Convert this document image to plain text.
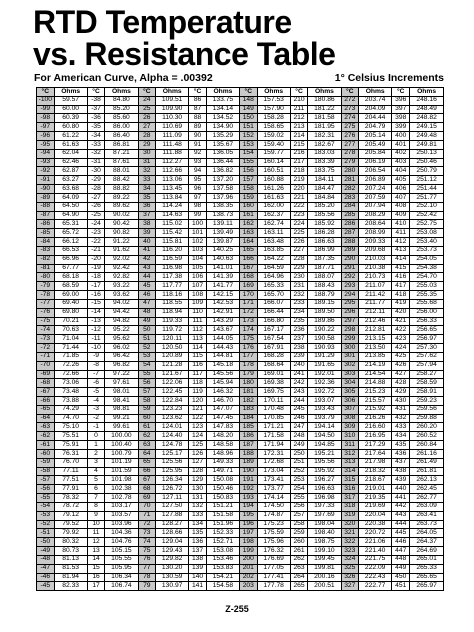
RTD Temperature
vs. Resistance Table
For American Curve, Alpha = .00392	1° Celsius Increments
°C	Ohms
-100	59.57
-99	60.00
-98	60.39
-97	60.80
-96	61.22
-95	61.63
-94	62.04
-93	62.46
-92	62.87
-91	63.27
-90	63.68
-89	64.09
-88	64.50
-87	64.90
-86	65.31
-85	65.72
-84	66.12
-83	66.53
-82	66.96
-81	67.77
-80	68.18
-79	68.59
-78	69.00
-77	69.40
-76	69.80
-75	70.21
-74	70.63
-73	71.04
-72	71.44
-71	71.85
-70	72.26
-69	72.66
-68	73.06
-67	73.48
-66	73.88
-65	74.29
-64	74.70
-63	75.10
-62	75.51
-61	75.91
-60	76.31
-59	76.70
-58	77.11
-57	77.51
-56	77.91
-55	78.32
-54	78.72
-53	79.12
-52	79.52
-51	79.92
-50	80.32
-49	80.73
-48	81.13
-47	81.53
-46	81.94
-45	82.33
°C	Ohms
-38	84.80
-37	85.20
-36	85.60
-35	86.00
-34	86.40
-33	86.81
-32	87.21
-31	87.61
-30	88.01
-29	88.42
-28	88.82
-27	89.22
-26	89.62
-25	90.02
-24	90.42
-23	90.82
-22	91.22
-21	91.62
-20	92.02
-19	92.42
-18	92.82
-17	93.22
-16	93.62
-15	94.02
-14	94.42
-13	94.82
-12	95.22
-11	95.62
-10	96.02
-9	96.42
-8	96.82
-7	97.22
-6	97.61
-5	98.01
-4	98.41
-3	98.81
-2	99.21
-1	99.61
0	100.00
1	100.40
2	100.79
3	101.19
4	101.59
5	101.98
6	102.38
7	102.78
8	103.17
9	103.57
10	103.96
11	104.36
12	104.76
13	105.15
14	105.55
15	105.95
16	106.34
17	106.74
°C	Ohms
24	109.51
25	109.90
26	110.30
27	110.69
28	111.09
29	111.48
30	111.88
31	112.27
32	112.66
33	113.06
34	113.45
35	113.84
36	114.24
37	114.63
38	115.02
39	115.42
40	115.81
41	116.20
42	116.59
43	116.98
44	117.38
45	117.77
46	118.16
47	118.55
48	118.94
49	119.33
50	119.72
51	120.11
52	120.50
53	120.89
54	121.28
55	121.67
56	122.06
57	122.45
58	122.84
59	123.23
60	123.62
61	124.01
62	124.40
63	124.78
64	125.17
65	125.56
66	125.95
67	126.34
68	126.72
69	127.11
70	127.50
71	127.88
72	128.27
73	128.66
74	129.04
75	129.43
76	129.82
77	130.20
78	130.59
79	130.97
°C	Ohms
86	133.75
87	134.14
88	134.52
89	134.90
90	135.29
91	135.67
92	136.05
93	136.44
94	136.82
95	137.20
96	137.58
97	137.96
98	138.35
99	138.73
100	139.11
101	139.49
102	139.87
103	140.25
104	140.63
105	141.01
106	141.39
107	141.77
108	142.15
109	142.53
110	142.91
111	143.29
112	143.67
113	144.05
114	144.43
115	144.81
116	145.18
117	145.56
118	145.94
119	146.32
120	146.70
121	147.07
122	147.45
123	147.83
124	148.20
125	148.58
126	148.96
127	149.33
128	149.71
129	150.08
130	150.46
131	150.83
132	151.21
133	151.58
134	151.96
135	152.33
136	152.71
137	153.08
138	153.46
139	153.83
140	154.21
141	154.58
°C	Ohms
148	157.53
149	157.90
150	158.28
151	158.65
152	159.02
153	159.40
154	159.77
155	160.14
156	160.51
157	160.88
158	161.26
159	161.63
160	162.00
161	162.37
162	162.74
163	163.11
164	163.48
165	163.85
166	164.22
167	164.59
168	164.96
169	165.33
170	165.70
171	166.07
172	166.44
173	166.80
174	167.17
175	167.54
176	167.91
177	168.28
178	168.64
179	169.01
180	169.38
181	169.75
182	170.11
183	170.48
184	170.85
185	171.21
186	171.58
187	171.94
188	172.31
189	172.68
190	173.04
191	173.41
192	173.77
193	174.14
194	174.50
195	174.87
196	175.23
197	175.59
198	175.96
199	176.32
200	176.69
201	177.05
202	177.41
203	177.78
°C	Ohms
210	180.86
211	181.22
212	181.58
213	181.95
214	182.31
215	182.67
216	183.03
217	183.39
218	183.75
219	184.11
220	184.47
221	184.84
222	185.20
223	185.56
224	185.92
225	186.28
226	186.63
227	186.99
228	187.35
229	187.71
230	188.07
231	188.43
232	188.79
233	189.15
234	189.50
235	189.86
236	190.22
237	190.58
238	190.93
239	191.29
240	191.65
241	192.01
242	192.36
243	192.72
244	193.07
245	193.43
246	193.79
247	194.14
248	194.50
249	194.85
250	195.21
251	195.56
252	195.92
253	196.27
254	196.63
255	196.98
256	197.33
257	197.69
258	198.04
259	198.40
260	198.75
261	199.10
262	199.45
263	199.81
264	200.16
265	200.51
°C	Ohms
272	203.74
273	204.09
274	204.44
275	204.79
276	205.14
277	205.49
278	205.84
279	206.19
280	206.54
281	206.89
282	207.24
283	207.59
284	207.94
285	208.29
286	208.64
287	208.99
288	209.33
289	209.68
290	210.03
291	210.38
292	210.73
293	211.07
294	211.42
295	211.77
296	212.11
297	212.46
298	212.81
299	213.15
300	213.50
301	213.85
302	214.19
303	214.54
304	214.88
305	215.23
306	215.57
307	215.92
308	216.26
309	216.60
310	216.95
311	217.29
312	217.64
313	217.98
314	218.32
315	218.67
316	219.01
317	219.35
318	219.69
319	220.04
320	220.38
321	220.72
322	221.06
323	221.40
324	221.75
325	222.09
326	222.43
327	222.77
°C	Ohms
396	248.16
397	248.49
398	248.82
399	249.15
400	249.48
401	249.81
402	250.13
403	250.46
404	250.79
405	251.12
406	251.44
407	251.77
408	252.10
409	252.42
410	252.75
411	253.08
412	253.40
413	253.73
414	254.05
415	254.38
416	254.70
417	255.03
418	255.35
419	255.68
420	256.00
421	256.33
422	256.65
423	256.97
424	257.30
425	257.62
426	257.94
427	258.27
428	258.59
429	258.91
430	259.23
431	259.56
432	259.88
433	260.20
434	260.52
435	260.84
436	261.16
437	261.49
438	261.81
439	262.13
440	262.45
441	262.77
442	263.09
443	263.41
444	263.73
445	264.05
446	264.37
447	264.69
448	265.01
449	265.33
450	265.65
451	265.97
Z-255
